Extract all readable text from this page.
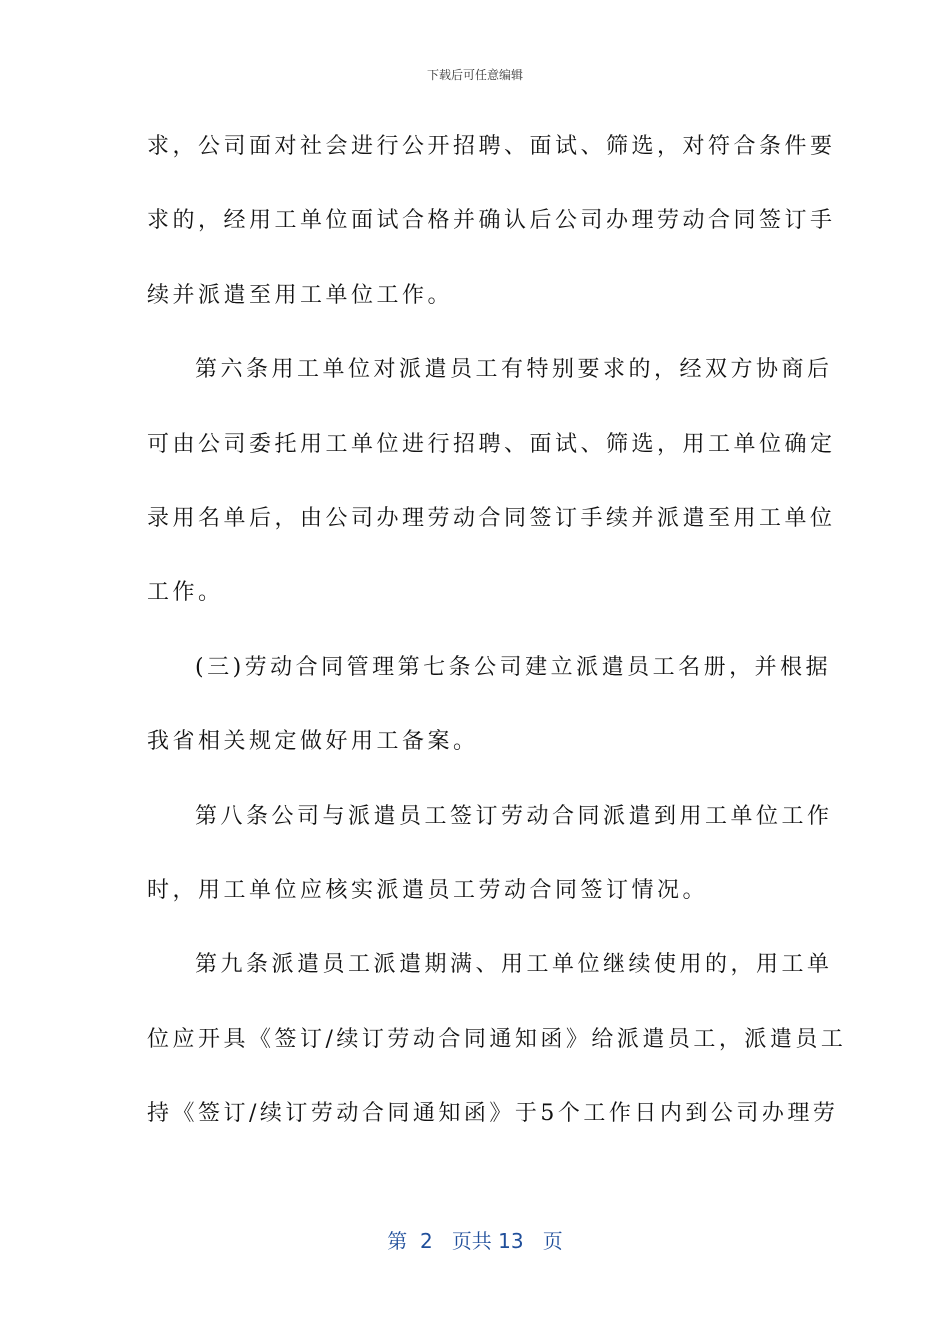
下载后可任意编辑
求，公司面对社会进行公开招聘、面试、筛选，对符合条件要
求的，经用工单位面试合格并确认后公司办理劳动合同签订手
续并派遣至用工单位工作。
第六条用工单位对派遣员工有特别要求的，经双方协商后
可由公司委托用工单位进行招聘、面试、筛选，用工单位确定
录用名单后，由公司办理劳动合同签订手续并派遣至用工单位
工作。
(三)劳动合同管理第七条公司建立派遣员工名册，并根据
我省相关规定做好用工备案。
第八条公司与派遣员工签订劳动合同派遣到用工单位工作
时，用工单位应核实派遣员工劳动合同签订情况。
第九条派遣员工派遣期满、用工单位继续使用的，用工单
位应开具《签订/续订劳动合同通知函》给派遣员工，派遣员工
持《签订/续订劳动合同通知函》于5个工作日内到公司办理劳
第 2 页共 13 页
